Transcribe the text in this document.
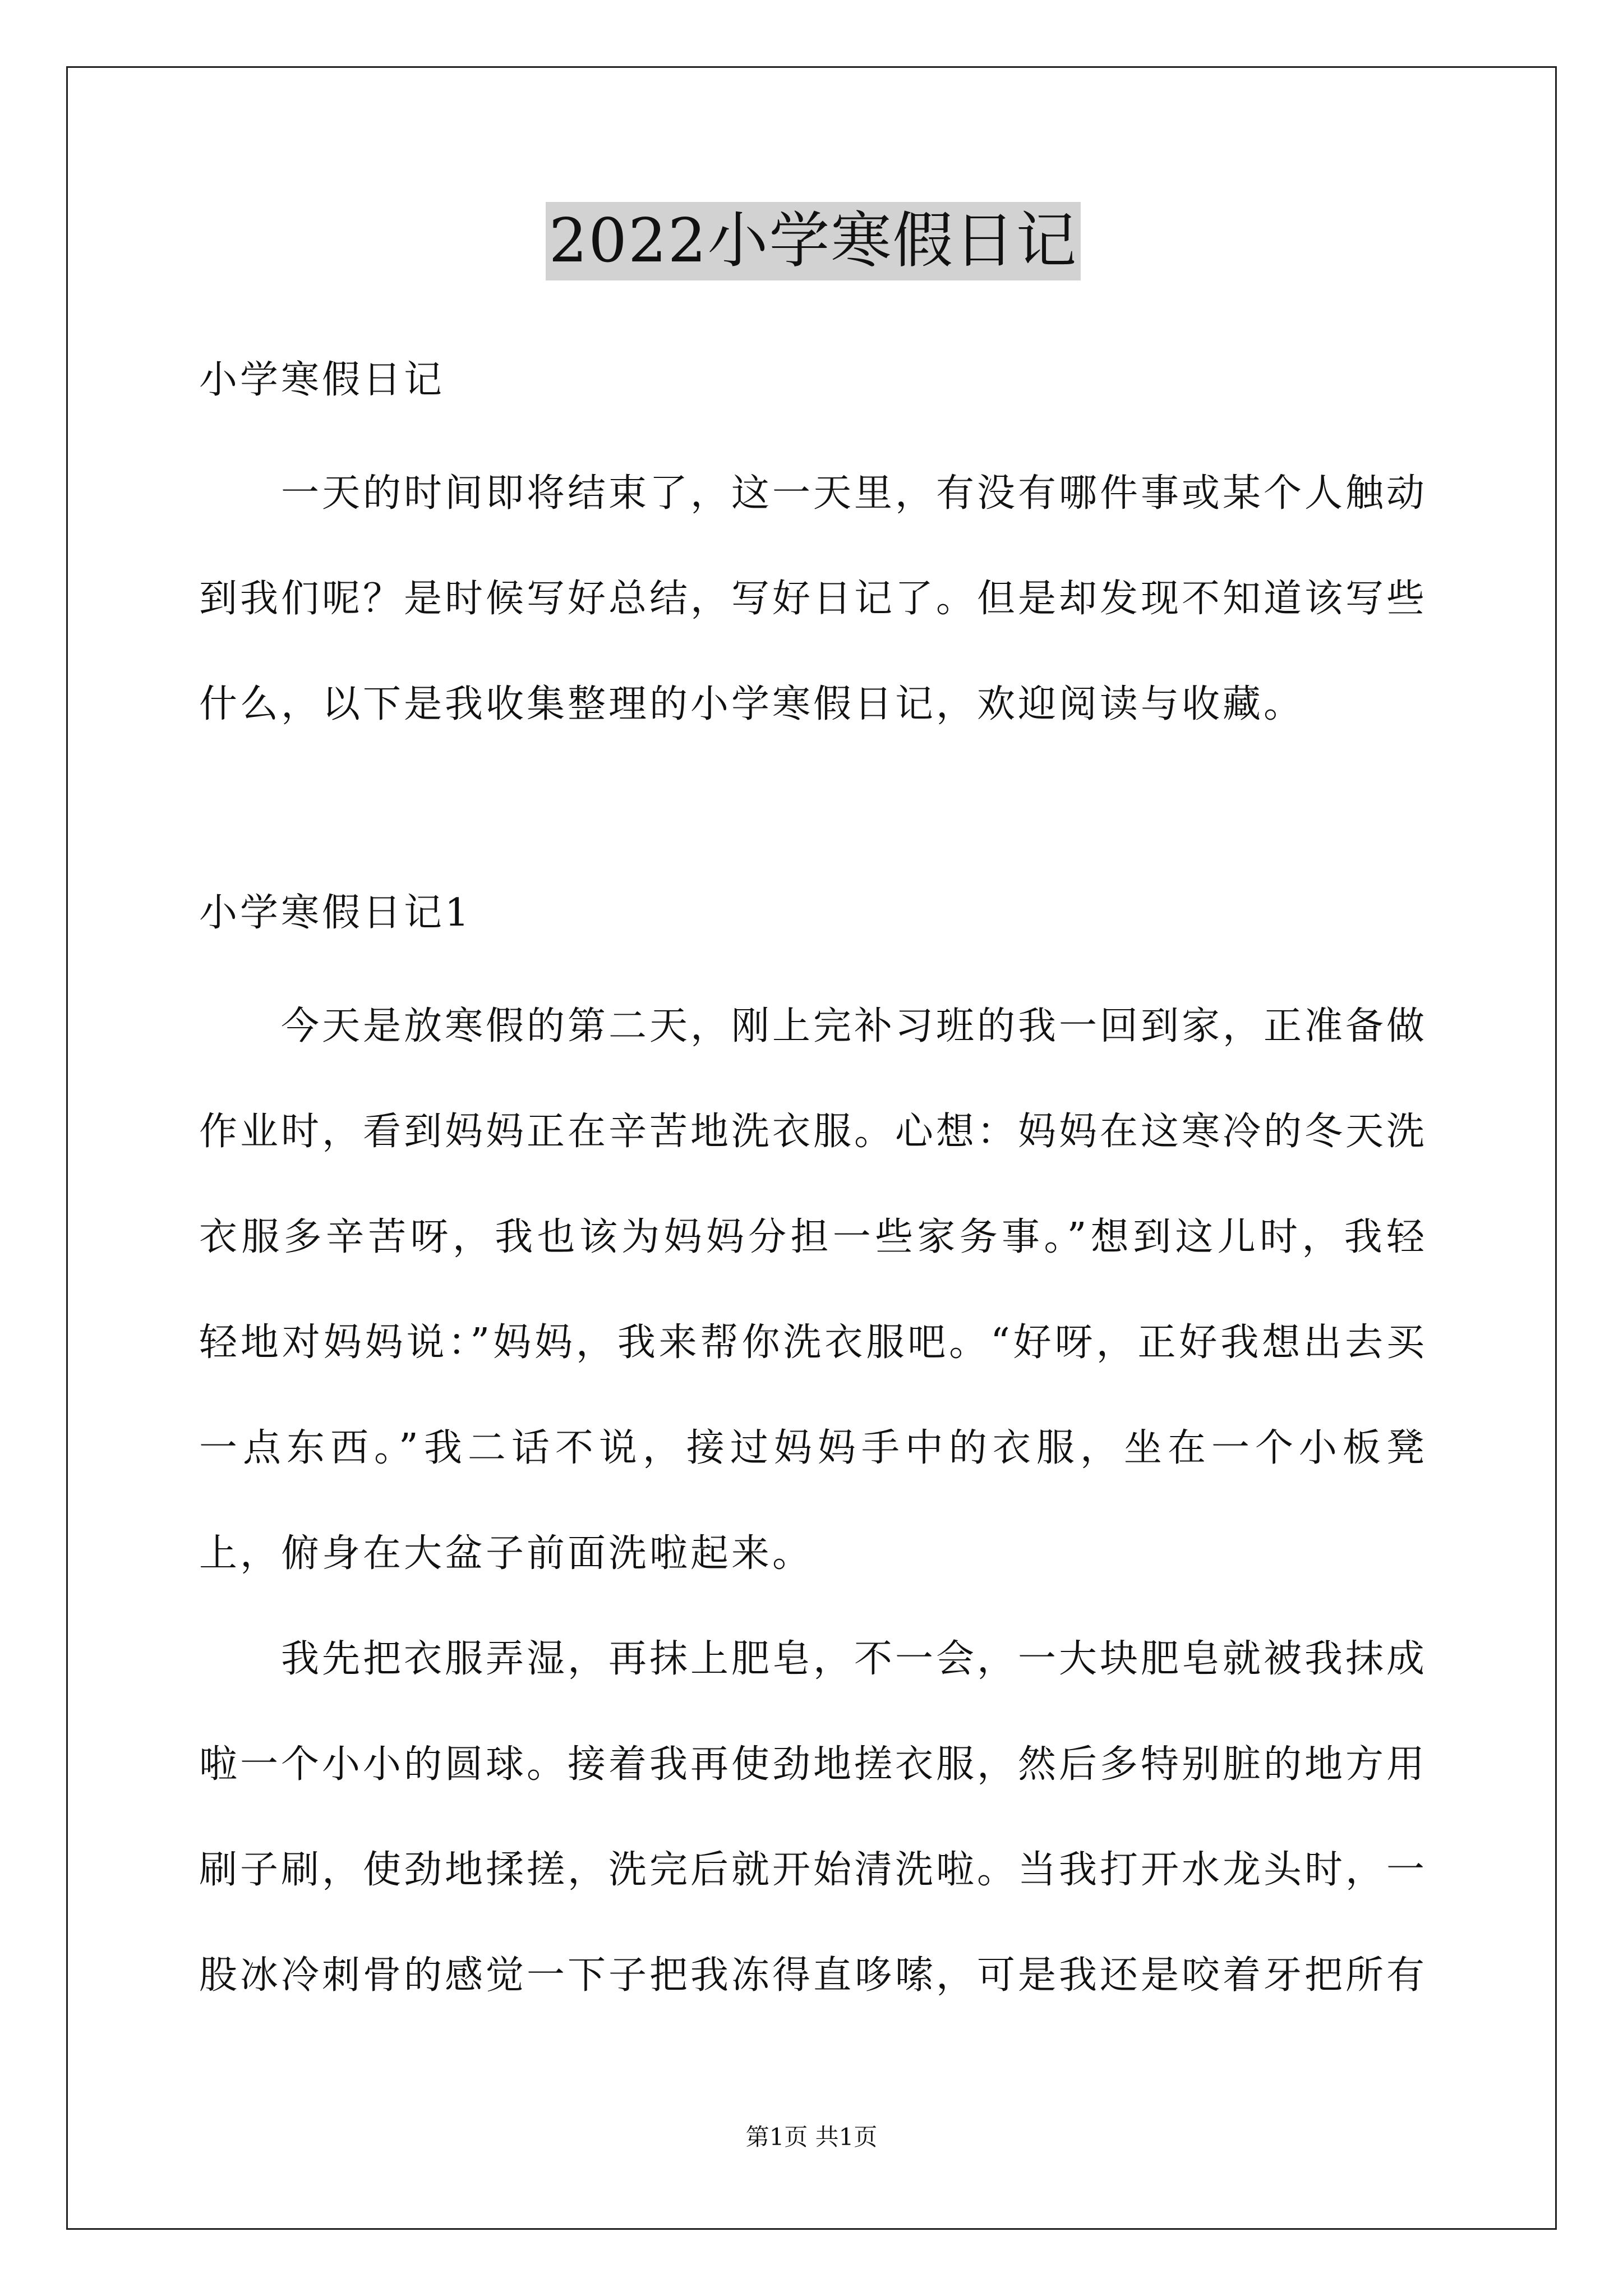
2022小学寒假日记
小学寒假日记

一天的时间即将结束了，这一天里，有没有哪件事或某个人触动到我们呢？是时候写好总结，写好日记了。但是却发现不知道该写些什么，以下是我收集整理的小学寒假日记，欢迎阅读与收藏。

小学寒假日记1

今天是放寒假的第二天，刚上完补习班的我一回到家，正准备做作业时，看到妈妈正在辛苦地洗衣服。心想：妈妈在这寒冷的冬天洗衣服多辛苦呀，我也该为妈妈分担一些家务事。”想到这儿时，我轻轻地对妈妈说：”妈妈，我来帮你洗衣服吧。“好呀，正好我想出去买一点东西。”我二话不说，接过妈妈手中的衣服，坐在一个小板凳上，俯身在大盆子前面洗啦起来。

我先把衣服弄湿，再抹上肥皂，不一会，一大块肥皂就被我抹成啦一个小小的圆球。接着我再使劲地搓衣服，然后多特别脏的地方用刷子刷，使劲地揉搓，洗完后就开始清洗啦。当我打开水龙头时，一股冰冷刺骨的感觉一下子把我冻得直哆嗦，可是我还是咬着牙把所有

第1页 共1页
